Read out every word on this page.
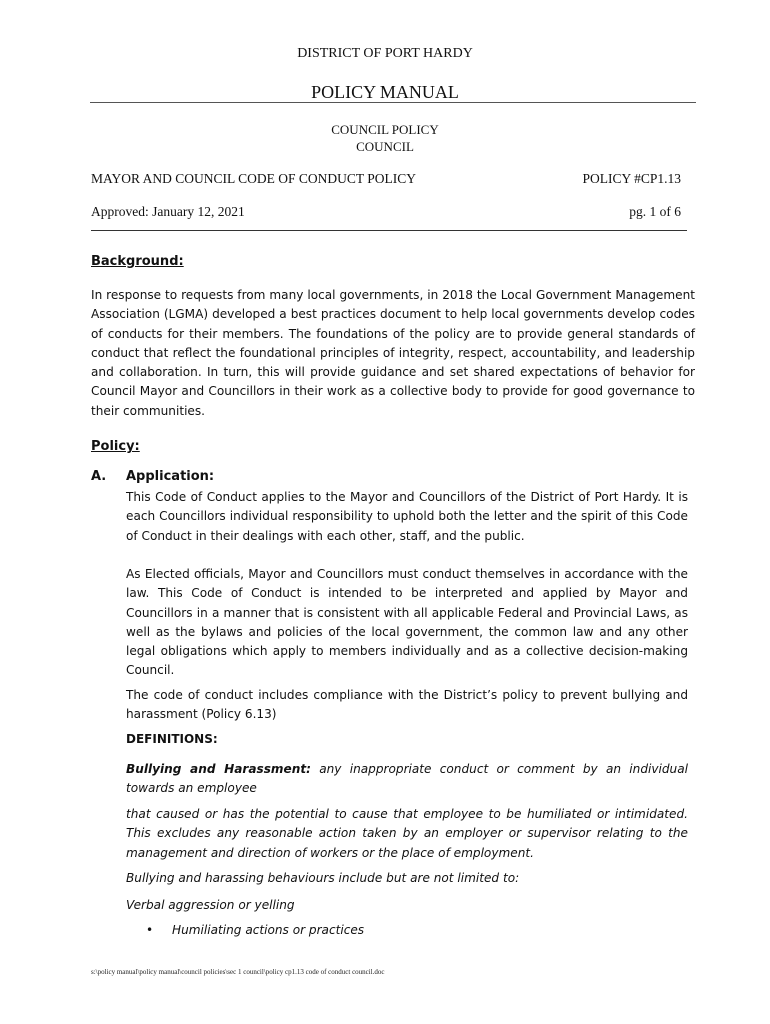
DISTRICT OF PORT HARDY
POLICY MANUAL
COUNCIL POLICY
COUNCIL
MAYOR AND COUNCIL CODE OF CONDUCT POLICY	POLICY #CP1.13
Approved: January 12, 2021	pg. 1 of 6
Background:
In response to requests from many local governments, in 2018 the Local Government Management Association (LGMA) developed a best practices document to help local governments develop codes of conducts for their members. The foundations of the policy are to provide general standards of conduct that reflect the foundational principles of integrity, respect, accountability, and leadership and collaboration. In turn, this will provide guidance and set shared expectations of behavior for Council Mayor and Councillors in their work as a collective body to provide for good governance to their communities.
Policy:
A. Application:
This Code of Conduct applies to the Mayor and Councillors of the District of Port Hardy. It is each Councillors individual responsibility to uphold both the letter and the spirit of this Code of Conduct in their dealings with each other, staff, and the public.
As Elected officials, Mayor and Councillors must conduct themselves in accordance with the law. This Code of Conduct is intended to be interpreted and applied by Mayor and Councillors in a manner that is consistent with all applicable Federal and Provincial Laws, as well as the bylaws and policies of the local government, the common law and any other legal obligations which apply to members individually and as a collective decision-making Council.
The code of conduct includes compliance with the District’s policy to prevent bullying and harassment (Policy 6.13)
DEFINITIONS:
Bullying and Harassment: any inappropriate conduct or comment by an individual towards an employee
that caused or has the potential to cause that employee to be humiliated or intimidated. This excludes any reasonable action taken by an employer or supervisor relating to the management and direction of workers or the place of employment.
Bullying and harassing behaviours include but are not limited to:
Verbal aggression or yelling
•	Humiliating actions or practices
s:\policy manual\policy manual\council policies\sec 1 council\policy cp1.13 code of conduct council.doc
